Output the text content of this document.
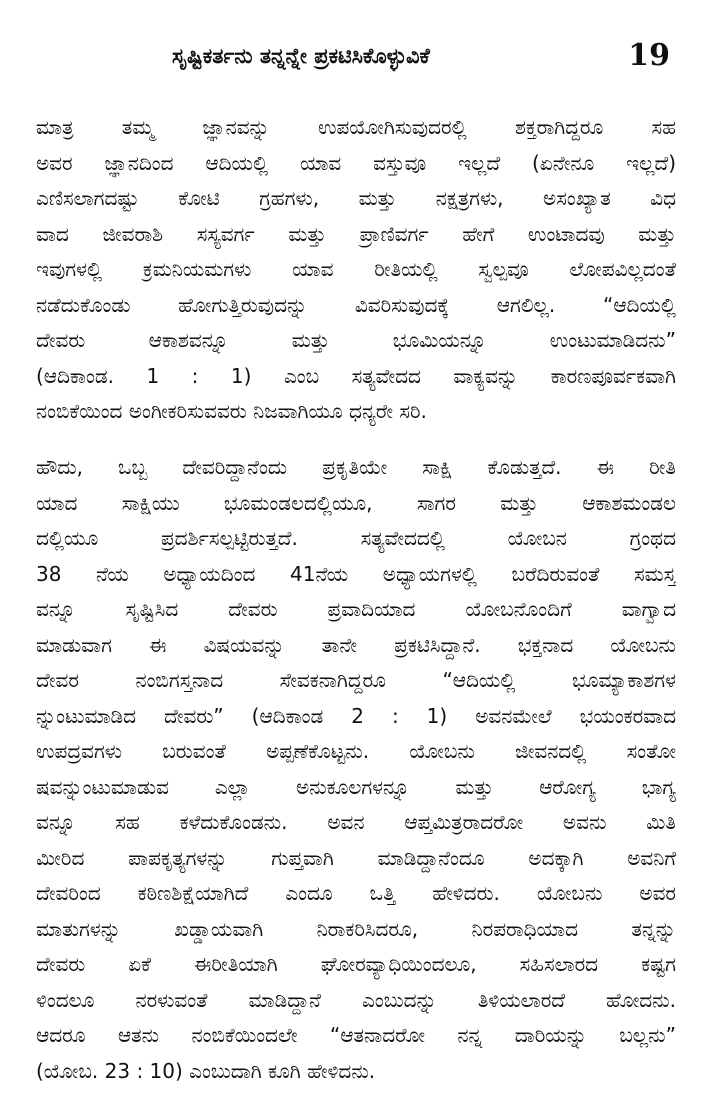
ಸೃಷ್ಟಿಕರ್ತನು ತನ್ನನ್ನೇ ಪ್ರಕಟಿಸಿಕೊಳ್ಳುವಿಕೆ	19
ಮಾತ್ರ ತಮ್ಮ ಜ್ಞಾನವನ್ನು ಉಪಯೋಗಿಸುವುದರಲ್ಲಿ ಶಕ್ತರಾಗಿದ್ದರೂ ಸಹ
ಅವರ ಜ್ಞಾನದಿಂದ ಆದಿಯಲ್ಲಿ ಯಾವ ವಸ್ತುವೂ ಇಲ್ಲದೆ (ಏನೇನೂ ಇಲ್ಲದೆ)
ಎಣಿಸಲಾಗದಷ್ಟು ಕೋಟಿ ಗ್ರಹಗಳು, ಮತ್ತು ನಕ್ಷತ್ರಗಳು, ಅಸಂಖ್ಯಾತ ವಿಧ
ವಾದ ಜೀವರಾಶಿ ಸಸ್ಯವರ್ಗ ಮತ್ತು ಪ್ರಾಣಿವರ್ಗ ಹೇಗೆ ಉಂಟಾದವು ಮತ್ತು
ಇವುಗಳಲ್ಲಿ ಕ್ರಮನಿಯಮಗಳು ಯಾವ ರೀತಿಯಲ್ಲಿ ಸ್ವಲ್ಪವೂ ಲೋಪವಿಲ್ಲದಂತೆ
ನಡೆದುಕೊಂಡು ಹೋಗುತ್ತಿರುವುದನ್ನು ವಿವರಿಸುವುದಕ್ಕೆ ಆಗಲಿಲ್ಲ. “ಆದಿಯಲ್ಲಿ
ದೇವರು ಆಕಾಶವನ್ನೂ ಮತ್ತು ಭೂಮಿಯನ್ನೂ ಉಂಟುಮಾಡಿದನು”
(ಆದಿಕಾಂಡ. 1 : 1) ಎಂಬ ಸತ್ಯವೇದದ ವಾಕ್ಯವನ್ನು ಕಾರಣಪೂರ್ವಕವಾಗಿ
ನಂಬಿಕೆಯಿಂದ ಅಂಗೀಕರಿಸುವವರು ನಿಜವಾಗಿಯೂ ಧನ್ಯರೇ ಸರಿ.
ಹೌದು, ಒಬ್ಬ ದೇವರಿದ್ದಾನೆಂದು ಪ್ರಕೃತಿಯೇ ಸಾಕ್ಷಿ ಕೊಡುತ್ತದೆ. ಈ ರೀತಿ
ಯಾದ ಸಾಕ್ಷಿಯು ಭೂಮಂಡಲದಲ್ಲಿಯೂ, ಸಾಗರ ಮತ್ತು ಆಕಾಶಮಂಡಲ
ದಲ್ಲಿಯೂ ಪ್ರದರ್ಶಿಸಲ್ಪಟ್ಟಿರುತ್ತದೆ. ಸತ್ಯವೇದದಲ್ಲಿ ಯೋಬನ ಗ್ರಂಥದ
38 ನೆಯ ಅಧ್ಯಾಯದಿಂದ 41ನೆಯ ಅಧ್ಯಾಯಗಳಲ್ಲಿ ಬರೆದಿರುವಂತೆ ಸಮಸ್ತ
ವನ್ನೂ ಸೃಷ್ಟಿಸಿದ ದೇವರು ಪ್ರವಾದಿಯಾದ ಯೋಬನೊಂದಿಗೆ ವಾಗ್ವಾದ
ಮಾಡುವಾಗ ಈ ವಿಷಯವನ್ನು ತಾನೇ ಪ್ರಕಟಿಸಿದ್ದಾನೆ. ಭಕ್ತನಾದ ಯೋಬನು
ದೇವರ ನಂಬಿಗಸ್ತನಾದ ಸೇವಕನಾಗಿದ್ದರೂ “ಆದಿಯಲ್ಲಿ ಭೂಮ್ಯಾಕಾಶಗಳ
ನ್ನುಂಟುಮಾಡಿದ ದೇವರು” (ಆದಿಕಾಂಡ 2 : 1) ಅವನಮೇಲೆ ಭಯಂಕರವಾದ
ಉಪದ್ರವಗಳು ಬರುವಂತೆ ಅಪ್ಪಣೆಕೊಟ್ಟನು. ಯೋಬನು ಜೀವನದಲ್ಲಿ ಸಂತೋ
ಷವನ್ನುಂಟುಮಾಡುವ ಎಲ್ಲಾ ಅನುಕೂಲಗಳನ್ನೂ ಮತ್ತು ಆರೋಗ್ಯ ಭಾಗ್ಯ
ವನ್ನೂ ಸಹ ಕಳೆದುಕೊಂಡನು. ಅವನ ಆಪ್ತಮಿತ್ರರಾದರೋ ಅವನು ಮಿತಿ
ಮೀರಿದ ಪಾಪಕೃತ್ಯಗಳನ್ನು ಗುಪ್ತವಾಗಿ ಮಾಡಿದ್ದಾನೆಂದೂ ಅದಕ್ಕಾಗಿ ಅವನಿಗೆ
ದೇವರಿಂದ ಕಠಿಣಶಿಕ್ಷೆಯಾಗಿದೆ ಎಂದೂ ಒತ್ತಿ ಹೇಳಿದರು. ಯೋಬನು ಅವರ
ಮಾತುಗಳನ್ನು ಖಡ್ಡಾಯವಾಗಿ ನಿರಾಕರಿಸಿದರೂ, ನಿರಪರಾಧಿಯಾದ ತನ್ನನ್ನು
ದೇವರು ಏಕೆ ಈರೀತಿಯಾಗಿ ಘೋರವ್ಯಾಧಿಯಿಂದಲೂ, ಸಹಿಸಲಾರದ ಕಷ್ಟಗ
ಳಿಂದಲೂ ನರಳುವಂತೆ ಮಾಡಿದ್ದಾನೆ ಎಂಬುದನ್ನು ತಿಳಿಯಲಾರದೆ ಹೋದನು.
ಆದರೂ ಆತನು ನಂಬಿಕೆಯಿಂದಲೇ “ಆತನಾದರೋ ನನ್ನ ದಾರಿಯನ್ನು ಬಲ್ಲನು”
(ಯೋಬ. 23 : 10) ಎಂಬುದಾಗಿ ಕೂಗಿ ಹೇಳಿದನು.
